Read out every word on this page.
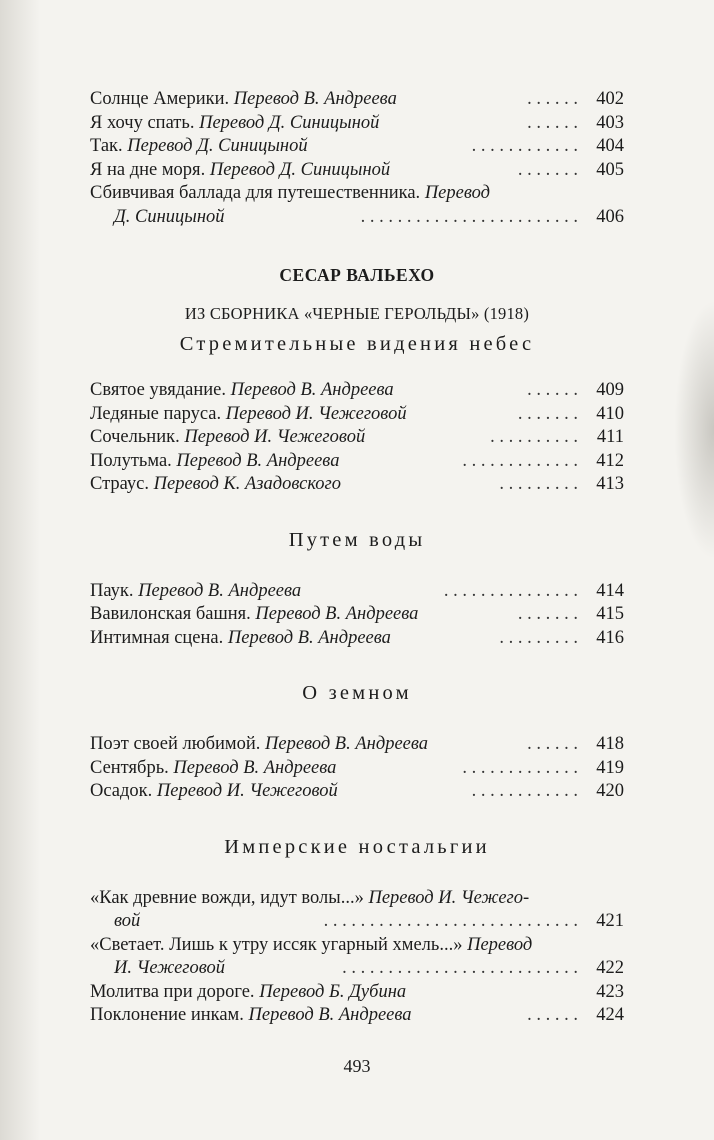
Солнце Америки. Перевод В. Андреева	. . . . . . 402
Я хочу спать. Перевод Д. Синицыной	. . . . . . 403
Так. Перевод Д. Синицыной	. . . . . . . . . . . . 404
Я на дне моря. Перевод Д. Синицыной	. . . . . . . 405
Сбивчивая баллада для путешественника. Перевод
Д. Синицыной	. . . . . . . . . . . . . . . . . . . . . . . . 406
СЕСАР ВАЛЬЕХО
ИЗ СБОРНИКА «ЧЕРНЫЕ ГЕРОЛЬДЫ» (1918)
Стремительные видения небес
Святое увядание. Перевод В. Андреева	. . . . . . 409
Ледяные паруса. Перевод И. Чежеговой	. . . . . . . 410
Сочельник. Перевод И. Чежеговой	. . . . . . . . . . 411
Полутьма. Перевод В. Андреева	. . . . . . . . . . . . . 412
Страус. Перевод К. Азадовского	. . . . . . . . . 413
Путем воды
Паук. Перевод В. Андреева	. . . . . . . . . . . . . . . 414
Вавилонская башня. Перевод В. Андреева	. . . . . . . 415
Интимная сцена. Перевод В. Андреева	. . . . . . . . . 416
О земном
Поэт своей любимой. Перевод В. Андреева	. . . . . . 418
Сентябрь. Перевод В. Андреева	. . . . . . . . . . . . . 419
Осадок. Перевод И. Чежеговой	. . . . . . . . . . . . 420
Имперские ностальгии
«Как древние вожди, идут волы...» Перевод И. Чежего-
вой	. . . . . . . . . . . . . . . . . . . . . . . . . . . . 421
«Светает. Лишь к утру иссяк угарный хмель...» Перевод
И. Чежеговой	. . . . . . . . . . . . . . . . . . . . . . . . . . 422
Молитва при дороге. Перевод Б. Дубина	423
Поклонение инкам. Перевод В. Андреева	. . . . . . 424
493
